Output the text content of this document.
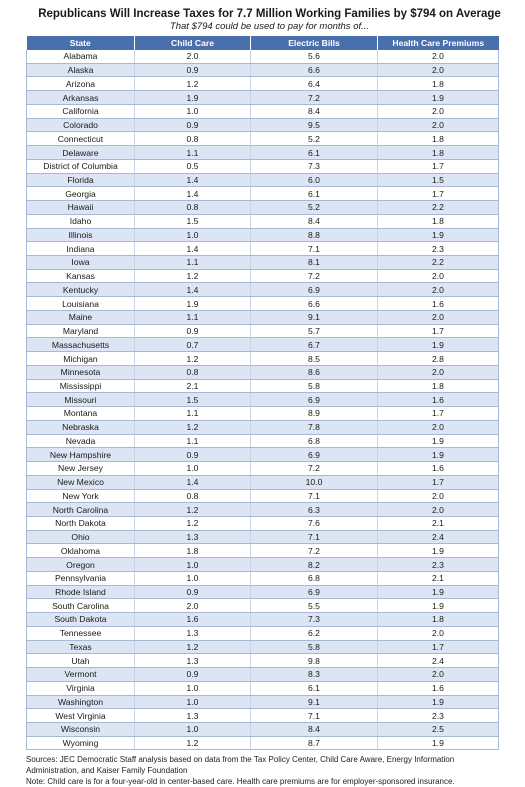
Republicans Will Increase Taxes for 7.7 Million Working Families by $794 on Average
That $794 could be used to pay for months of...
State	Child Care	Electric Bills	Health Care Premiums
Alabama	2.0	5.6	2.0
Alaska	0.9	6.6	2.0
Arizona	1.2	6.4	1.8
Arkansas	1.9	7.2	1.9
California	1.0	8.4	2.0
Colorado	0.9	9.5	2.0
Connecticut	0.8	5.2	1.8
Delaware	1.1	6.1	1.8
District of Columbia	0.5	7.3	1.7
Florida	1.4	6.0	1.5
Georgia	1.4	6.1	1.7
Hawaii	0.8	5.2	2.2
Idaho	1.5	8.4	1.8
Illinois	1.0	8.8	1.9
Indiana	1.4	7.1	2.3
Iowa	1.1	8.1	2.2
Kansas	1.2	7.2	2.0
Kentucky	1.4	6.9	2.0
Louisiana	1.9	6.6	1.6
Maine	1.1	9.1	2.0
Maryland	0.9	5.7	1.7
Massachusetts	0.7	6.7	1.9
Michigan	1.2	8.5	2.8
Minnesota	0.8	8.6	2.0
Mississippi	2.1	5.8	1.8
Missouri	1.5	6.9	1.6
Montana	1.1	8.9	1.7
Nebraska	1.2	7.8	2.0
Nevada	1.1	6.8	1.9
New Hampshire	0.9	6.9	1.9
New Jersey	1.0	7.2	1.6
New Mexico	1.4	10.0	1.7
New York	0.8	7.1	2.0
North Carolina	1.2	6.3	2.0
North Dakota	1.2	7.6	2.1
Ohio	1.3	7.1	2.4
Oklahoma	1.8	7.2	1.9
Oregon	1.0	8.2	2.3
Pennsylvania	1.0	6.8	2.1
Rhode Island	0.9	6.9	1.9
South Carolina	2.0	5.5	1.9
South Dakota	1.6	7.3	1.8
Tennessee	1.3	6.2	2.0
Texas	1.2	5.8	1.7
Utah	1.3	9.8	2.4
Vermont	0.9	8.3	2.0
Virginia	1.0	6.1	1.6
Washington	1.0	9.1	1.9
West Virginia	1.3	7.1	2.3
Wisconsin	1.0	8.4	2.5
Wyoming	1.2	8.7	1.9

Sources: JEC Democratic Staff analysis based on data from the Tax Policy Center, Child Care Aware, Energy Information Administration, and Kaiser Family Foundation

Note: Child care is for a four-year-old in center-based care. Health care premiums are for employer-sponsored insurance.
